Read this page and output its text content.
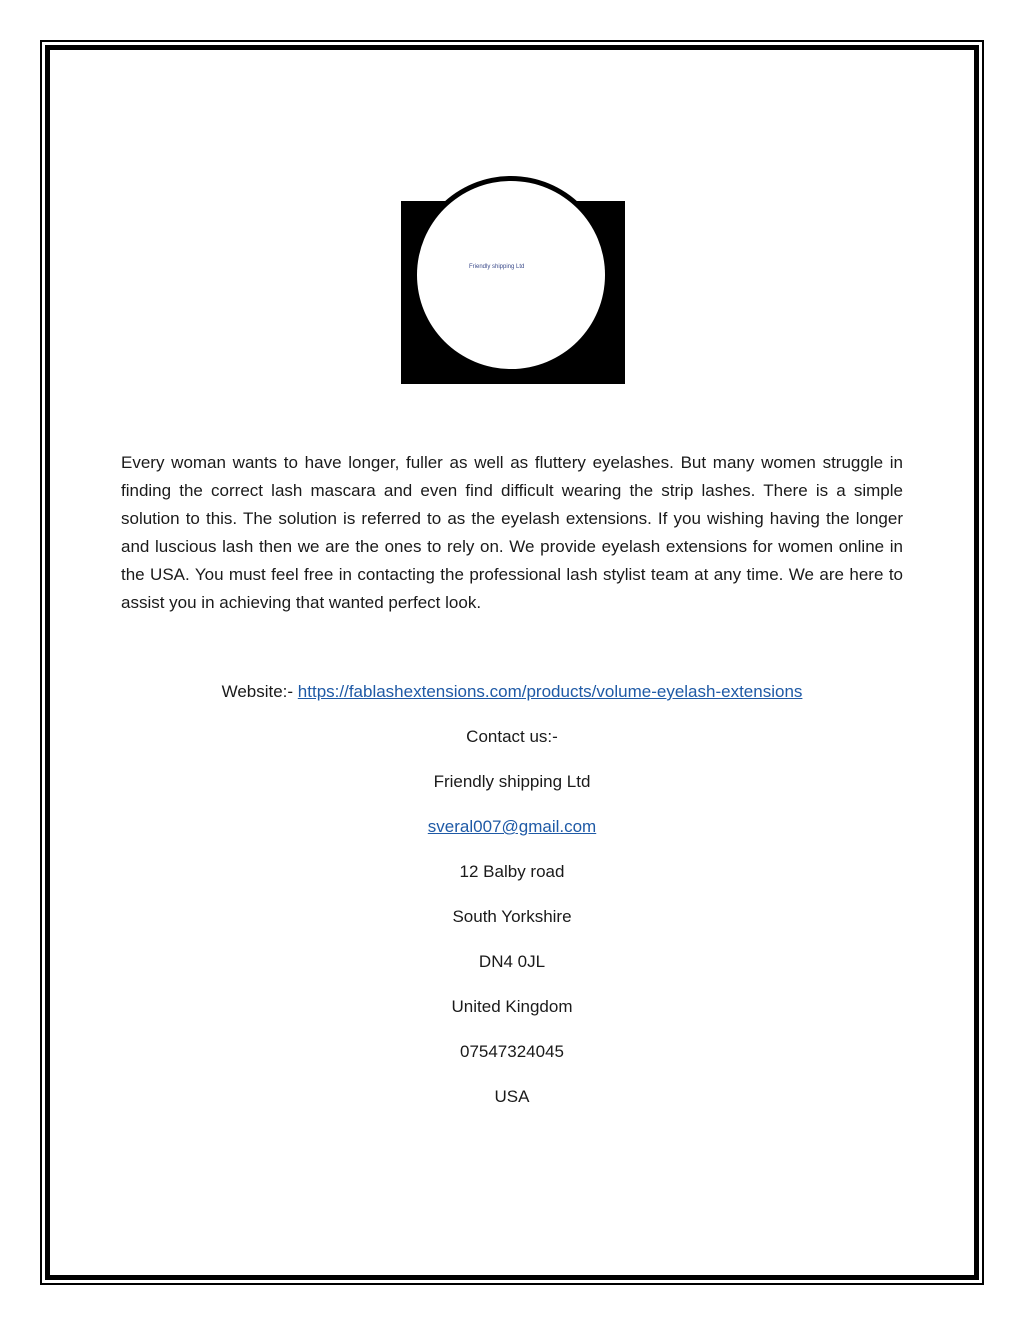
Friendly shipping Ltd

Every woman wants to have longer, fuller as well as fluttery eyelashes. But many women struggle in finding the correct lash mascara and even find difficult wearing the strip lashes. There is a simple solution to this. The solution is referred to as the eyelash extensions. If you wishing having the longer and luscious lash then we are the ones to rely on. We provide eyelash extensions for women online in the USA. You must feel free in contacting the professional lash stylist team at any time. We are here to assist you in achieving that wanted perfect look.

Website:- https://fablashextensions.com/products/volume-eyelash-extensions

Contact us:-

Friendly shipping Ltd

sveral007@gmail.com

12 Balby road

South Yorkshire

DN4 0JL

United Kingdom

07547324045

USA
